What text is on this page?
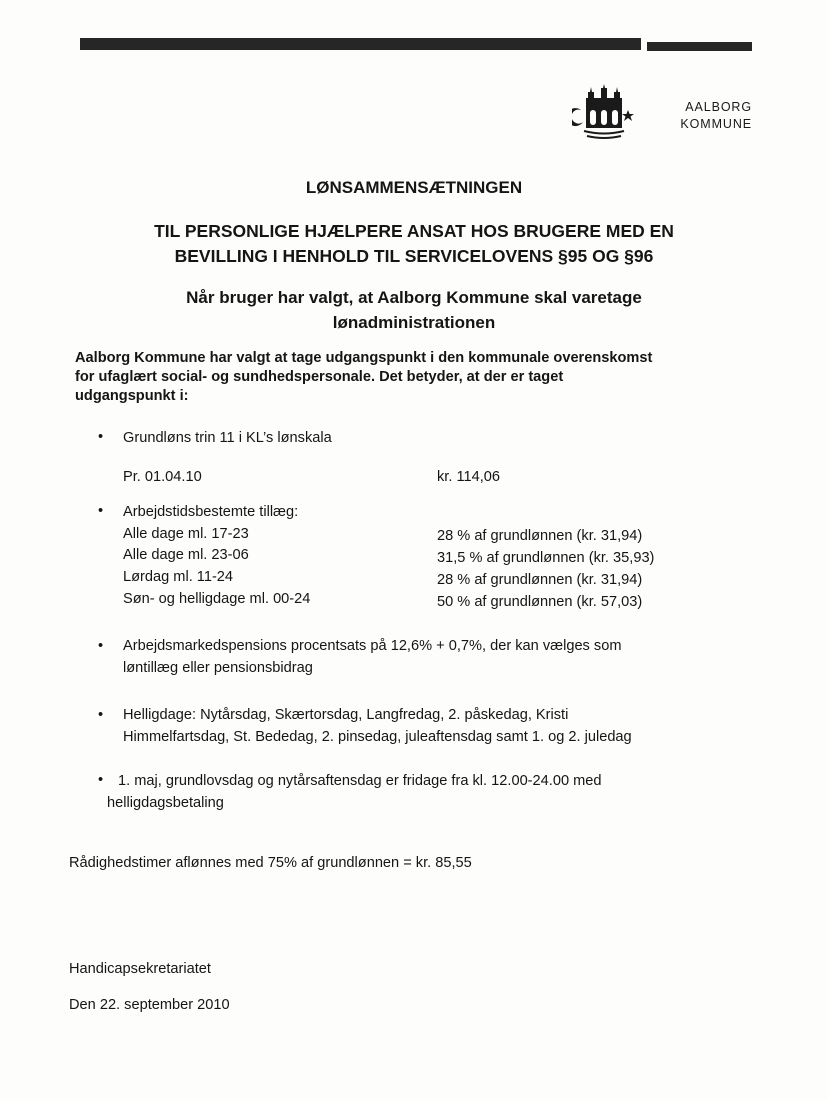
AALBORG
KOMMUNE
LØNSAMMENSÆTNINGEN
TIL PERSONLIGE HJÆLPERE ANSAT HOS BRUGERE MED EN
BEVILLING I HENHOLD TIL SERVICELOVENS §95 OG §96
Når bruger har valgt, at Aalborg Kommune skal varetage
lønadministrationen
Aalborg Kommune har valgt at tage udgangspunkt i den kommunale overenskomst
for ufaglært social- og sundhedspersonale. Det betyder, at der er taget
udgangspunkt i:
• Grundløns trin 11 i KL’s lønskala
Pr. 01.04.10	kr. 114,06
• Arbejdstidsbestemte tillæg:
Alle dage ml. 17-23	28 % af grundlønnen (kr. 31,94)
Alle dage ml. 23-06	31,5 % af grundlønnen (kr. 35,93)
Lørdag ml. 11-24	28 % af grundlønnen (kr. 31,94)
Søn- og helligdage ml. 00-24	50 % af grundlønnen (kr. 57,03)
• Arbejdsmarkedspensions procentsats på 12,6% + 0,7%, der kan vælges som
løntillæg eller pensionsbidrag
• Helligdage: Nytårsdag, Skærtorsdag, Langfredag, 2. påskedag, Kristi
Himmelfartsdag, St. Bededag, 2. pinsedag, juleaftensdag samt 1. og 2. juledag
• 1. maj, grundlovsdag og nytårsaftensdag er fridage fra kl. 12.00-24.00 med
helligdagsbetaling
Rådighedstimer aflønnes med 75% af grundlønnen = kr. 85,55
Handicapsekretariatet
Den 22. september 2010
